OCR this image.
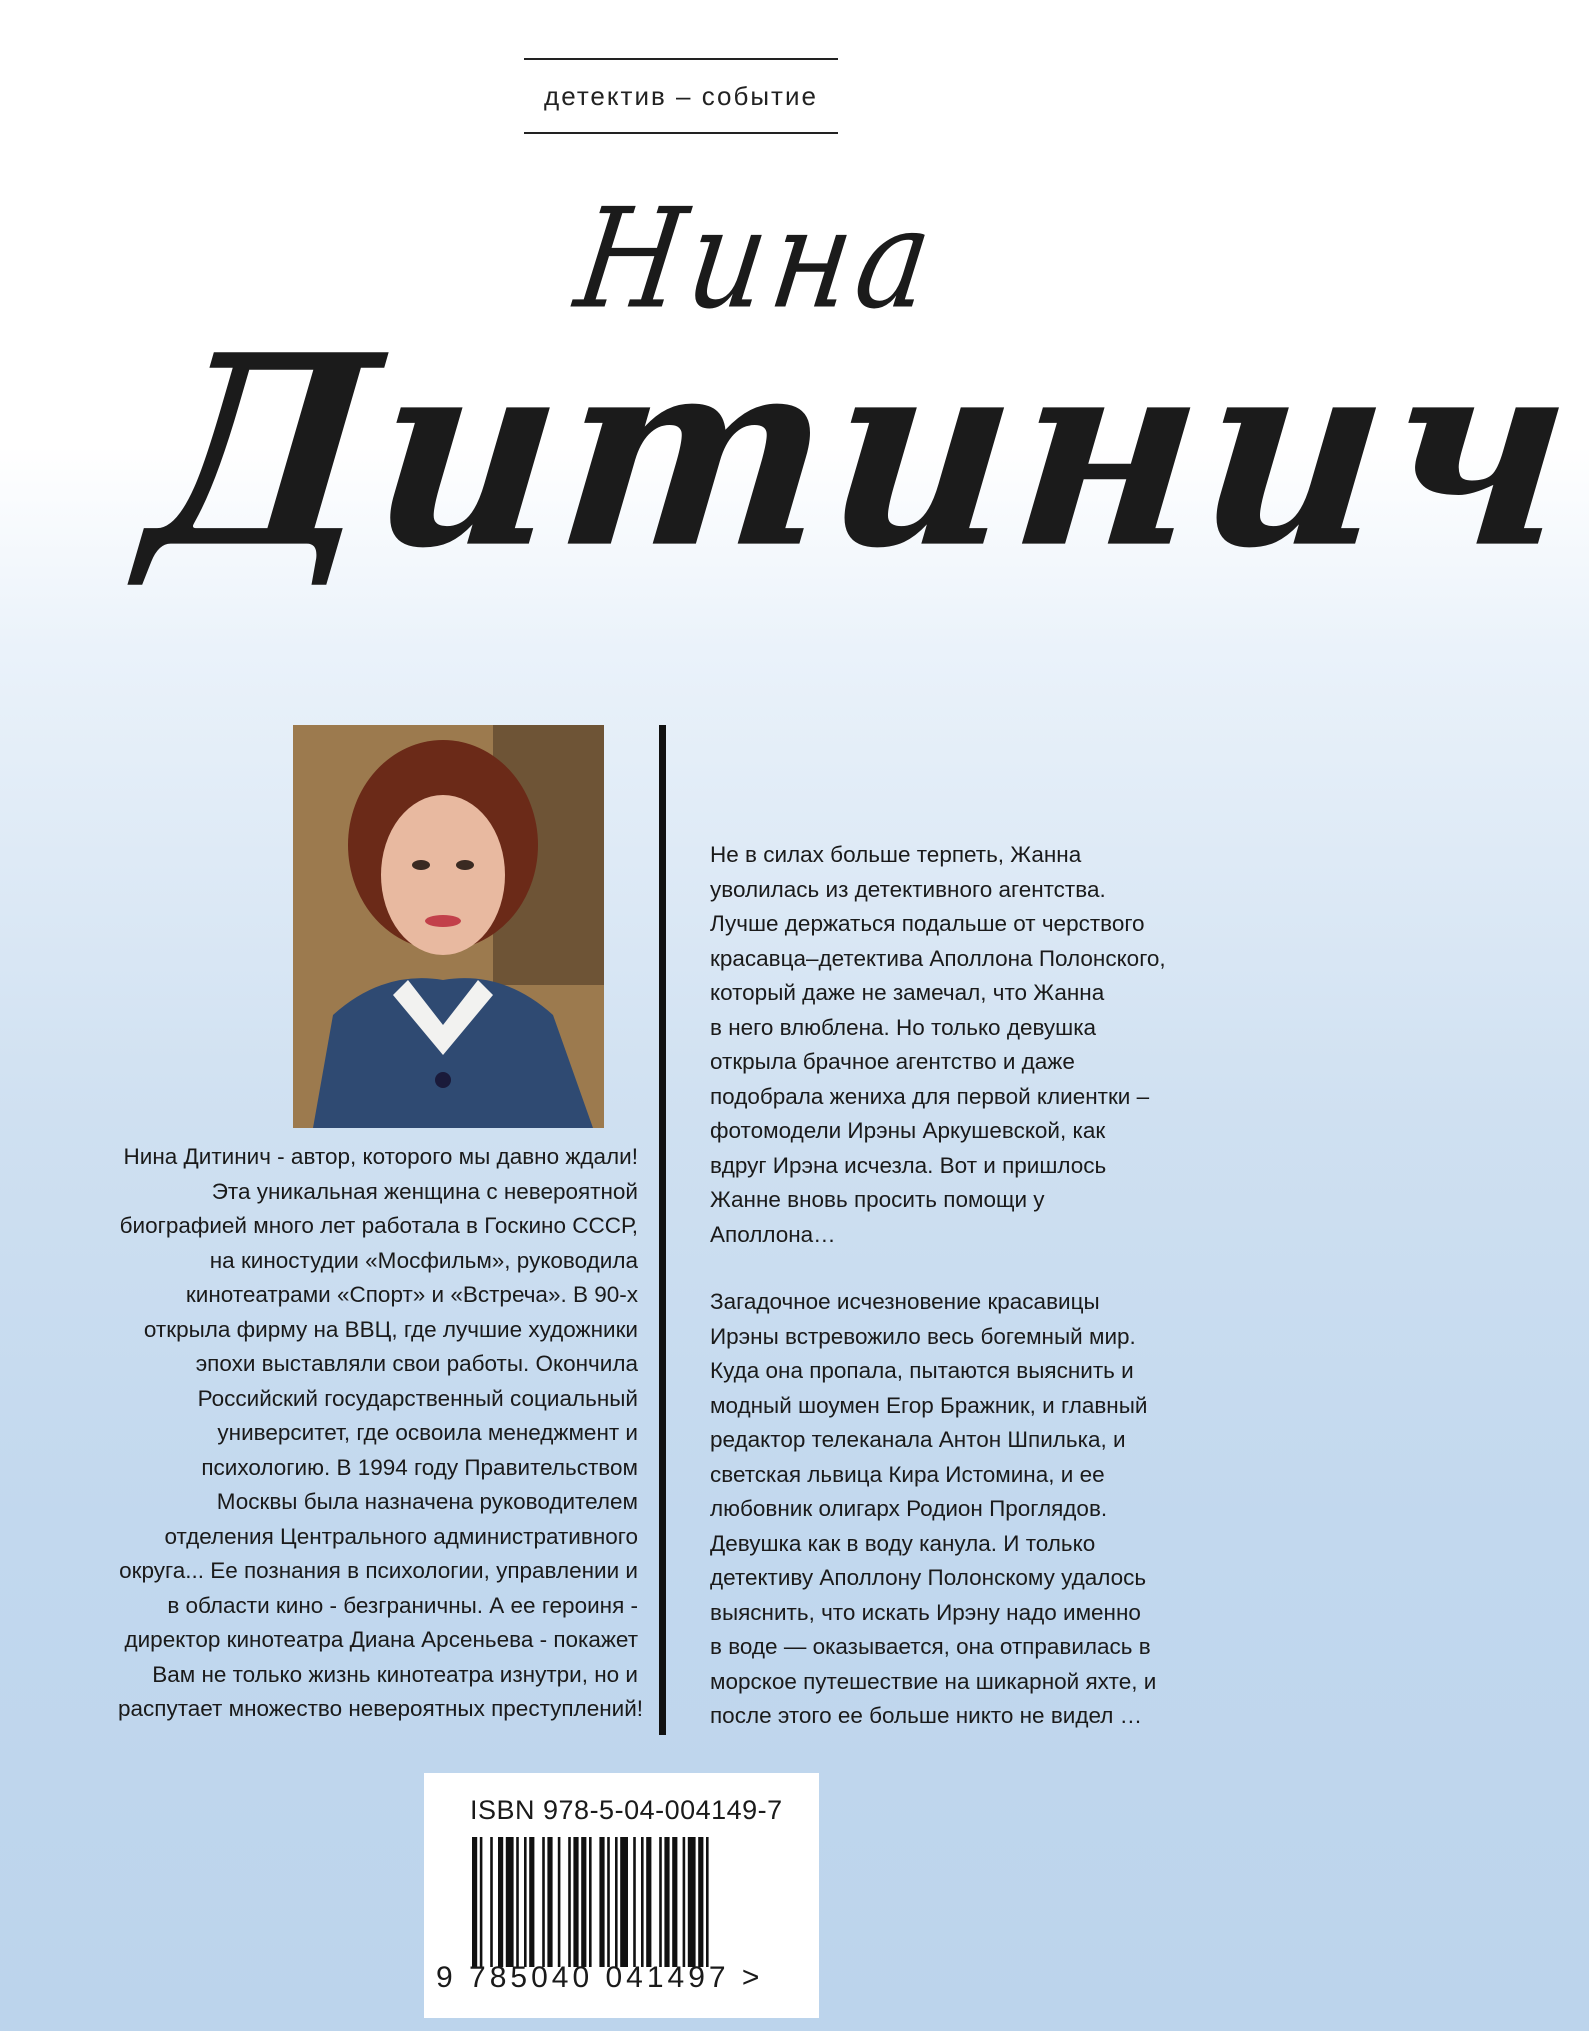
детектив – событие
Нина
Дитинич
Нина Дитинич - автор, которого мы давно ждали!
Эта уникальная женщина с невероятной
биографией много лет работала в Госкино СССР,
на киностудии «Мосфильм», руководила
кинотеатрами «Спорт» и «Встреча». В 90-х
открыла фирму на ВВЦ, где лучшие художники
эпохи выставляли свои работы. Окончила
Российский государственный социальный
университет, где освоила менеджмент и
психологию. В 1994 году Правительством
Москвы была назначена руководителем
отделения Центрального административного
округа... Ее познания в психологии, управлении и
в области кино - безграничны. А ее героиня -
директор кинотеатра Диана Арсеньева - покажет
Вам не только жизнь кинотеатра изнутри, но и
распутает множество невероятных преступлений!
Не в силах больше терпеть, Жанна
уволилась из детективного агентства.
Лучше держаться подальше от черствого
красавца–детектива Аполлона Полонского,
который даже не замечал, что Жанна
в него влюблена. Но только девушка
открыла брачное агентство и даже
подобрала жениха для первой клиентки –
фотомодели Ирэны Аркушевской, как
вдруг Ирэна исчезла. Вот и пришлось
Жанне вновь просить помощи у
Аполлона…
Загадочное исчезновение красавицы
Ирэны встревожило весь богемный мир.
Куда она пропала, пытаются выяснить и
модный шоумен Егор Бражник, и главный
редактор телеканала Антон Шпилька, и
светская львица Кира Истомина, и ее
любовник олигарх Родион Проглядов.
Девушка как в воду канула. И только
детективу Аполлону Полонскому удалось
выяснить, что искать Ирэну надо именно
в воде — оказывается, она отправилась в
морское путешествие на шикарной яхте, и
после этого ее больше никто не видел …
ISBN 978-5-04-004149-7
9 785040 041497 >
